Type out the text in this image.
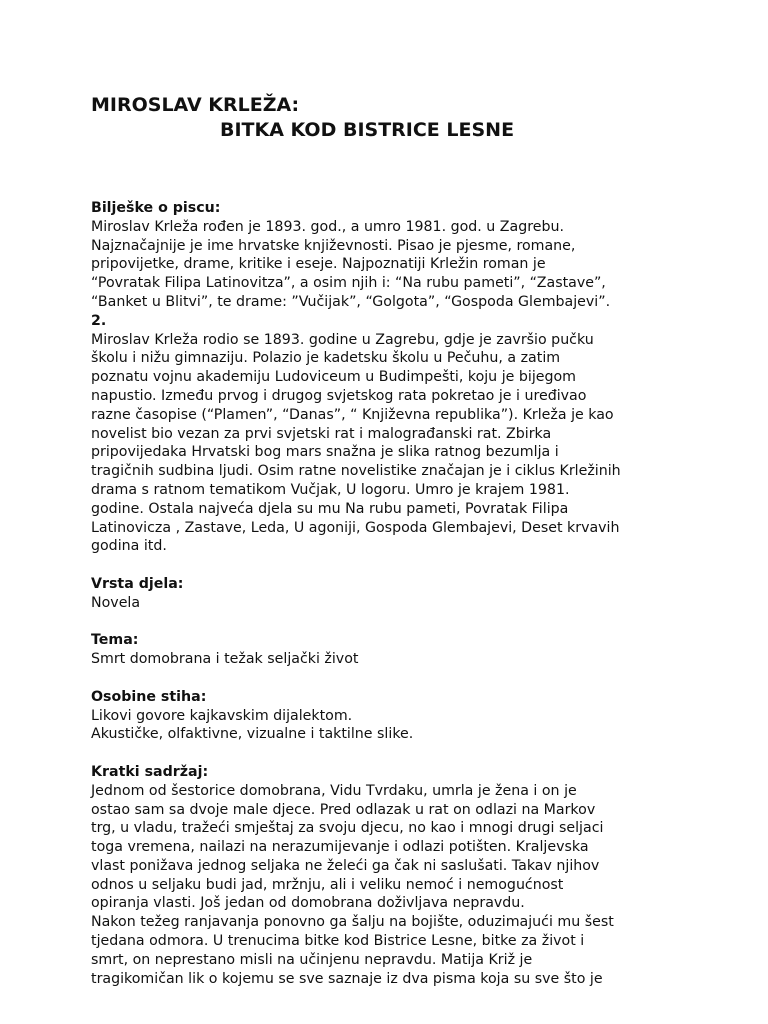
MIROSLAV KRLEŽA:
BITKA KOD BISTRICE LESNE
Bilješke o piscu:
Miroslav Krleža rođen je 1893. god., a umro 1981. god. u Zagrebu.
Najznačajnije je ime hrvatske književnosti. Pisao je pjesme, romane,
pripovijetke, drame, kritike i eseje. Najpoznatiji Krležin roman je
“Povratak Filipa Latinovitza”, a osim njih i: “Na rubu pameti”, “Zastave”,
“Banket u Blitvi”, te drame: ”Vučijak”, “Golgota”, “Gospoda Glembajevi”.
2.
Miroslav Krleža rodio se 1893. godine u Zagrebu, gdje je završio pučku
školu i nižu gimnaziju. Polazio je kadetsku školu u Pečuhu, a zatim
poznatu vojnu akademiju Ludoviceum u Budimpešti, koju je bijegom
napustio. Između prvog i drugog svjetskog rata pokretao je i uređivao
razne časopise (“Plamen”, “Danas”, “ Književna republika”). Krleža je kao
novelist bio vezan za prvi svjetski rat i malograđanski rat. Zbirka
pripovijedaka Hrvatski bog mars snažna je slika ratnog bezumlja i
tragičnih sudbina ljudi. Osim ratne novelistike značajan je i ciklus Krležinih
drama s ratnom tematikom Vučjak, U logoru. Umro je krajem 1981.
godine. Ostala najveća djela su mu Na rubu pameti, Povratak Filipa
Latinovicza , Zastave, Leda, U agoniji, Gospoda Glembajevi, Deset krvavih
godina itd.
Vrsta djela:
Novela
Tema:
Smrt domobrana i težak seljački život
Osobine stiha:
Likovi govore kajkavskim dijalektom.
Akustičke, olfaktivne, vizualne i taktilne slike.
Kratki sadržaj:
Jednom od šestorice domobrana, Vidu Tvrdaku, umrla je žena i on je
ostao sam sa dvoje male djece. Pred odlazak u rat on odlazi na Markov
trg, u vladu, tražeći smještaj za svoju djecu, no kao i mnogi drugi seljaci
toga vremena, nailazi na nerazumijevanje i odlazi potišten. Kraljevska
vlast ponižava jednog seljaka ne želeći ga čak ni saslušati. Takav njihov
odnos u seljaku budi jad, mržnju, ali i veliku nemoć i nemogućnost
opiranja vlasti. Još jedan od domobrana doživljava nepravdu.
Nakon težeg ranjavanja ponovno ga šalju na bojište, oduzimajući mu šest
tjedana odmora. U trenucima bitke kod Bistrice Lesne, bitke za život i
smrt, on neprestano misli na učinjenu nepravdu. Matija Križ je
tragikomičan lik o kojemu se sve saznaje iz dva pisma koja su sve što je
